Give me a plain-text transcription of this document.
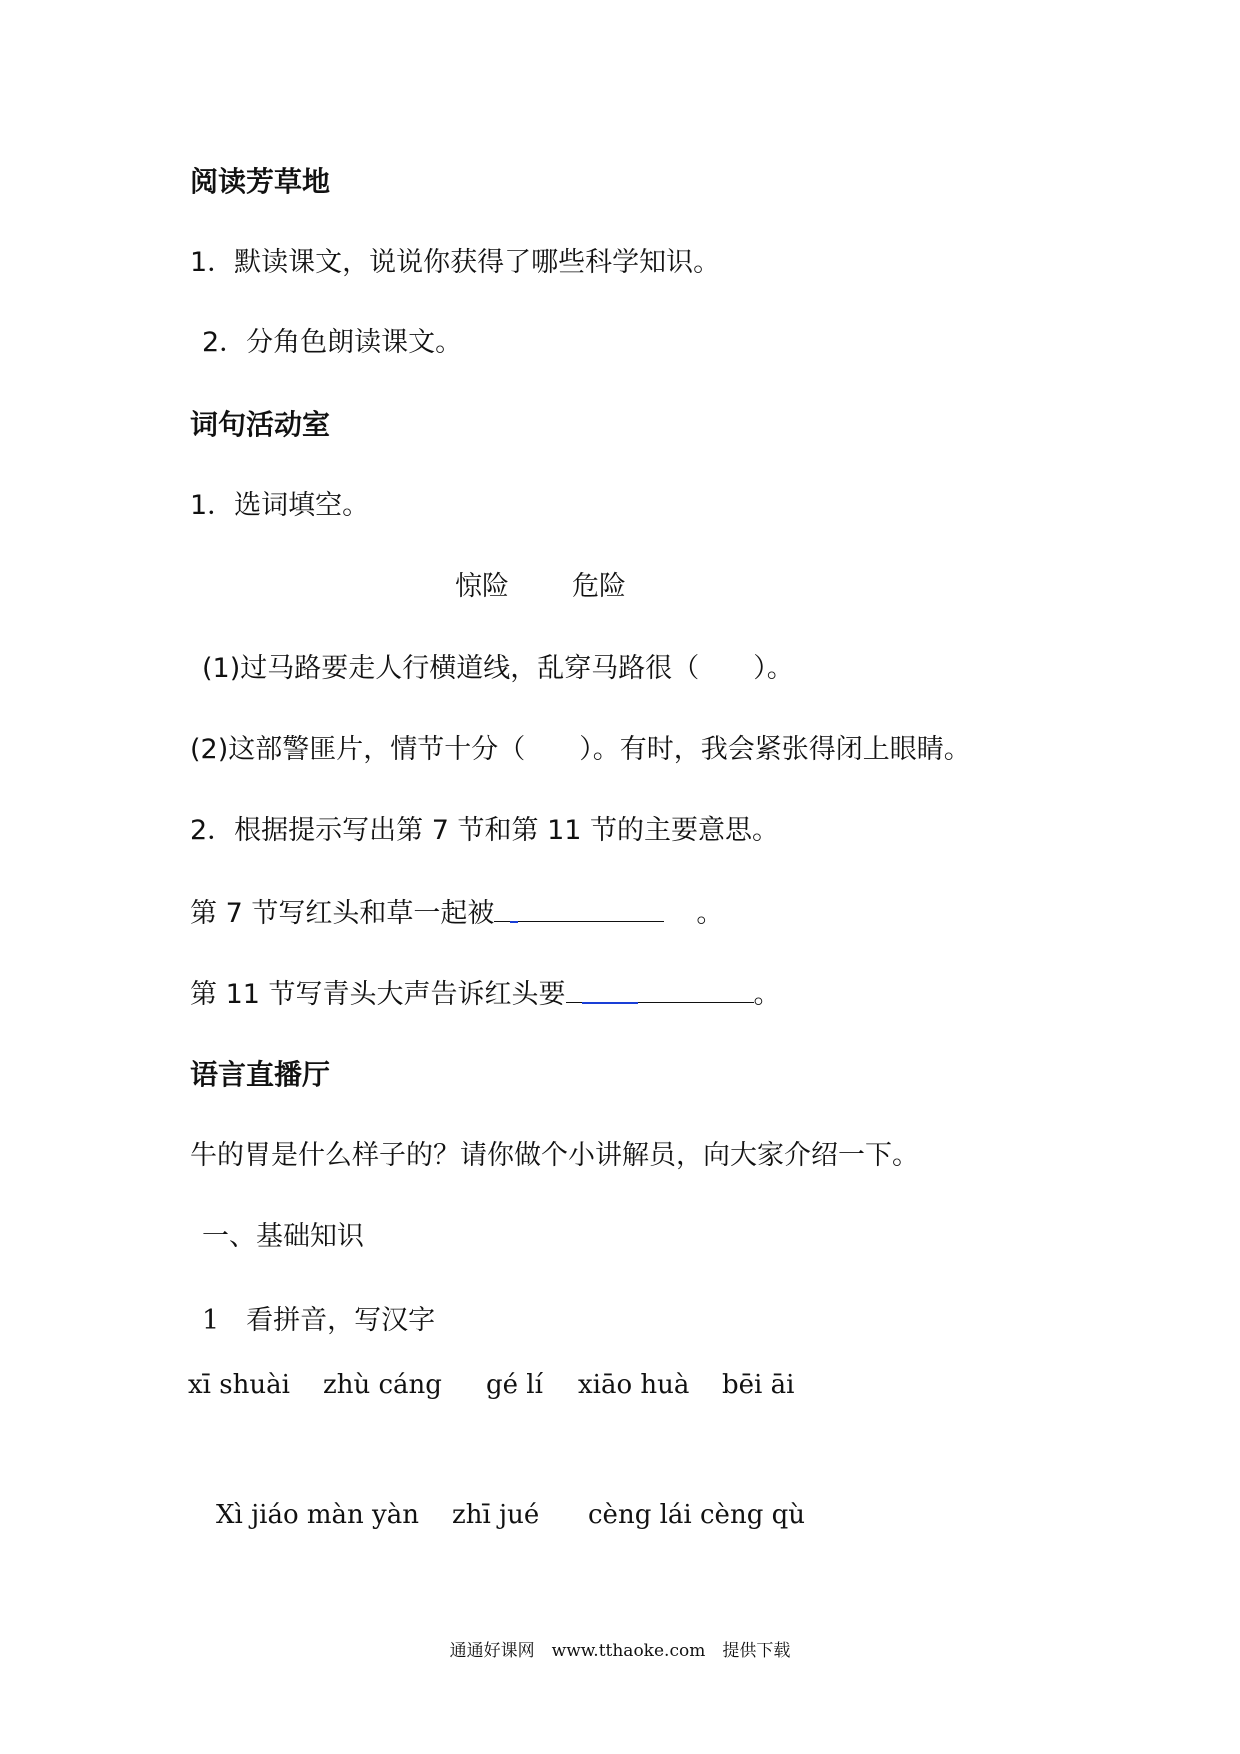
阅读芳草地
1．默读课文，说说你获得了哪些科学知识。
2．分角色朗读课文。
词句活动室
1．选词填空。
惊险 危险
(1)过马路要走人行横道线，乱穿马路很（　　）。
(2)这部警匪片，情节十分（　　）。有时，我会紧张得闭上眼睛。
2．根据提示写出第 7 节和第 11 节的主要意思。
第 7 节写红头和草一起被	。
第 11 节写青头大声告诉红头要	。
语言直播厅
牛的胃是什么样子的？请你做个小讲解员，向大家介绍一下。
一、基础知识
1　看拼音，写汉字
xī shuài zhù cáng gé lí xiāo huà bēi āi
Xì jiáo màn yàn zhī jué cèng lái cèng qù
通通好课网　www.tthaoke.com　提供下载
